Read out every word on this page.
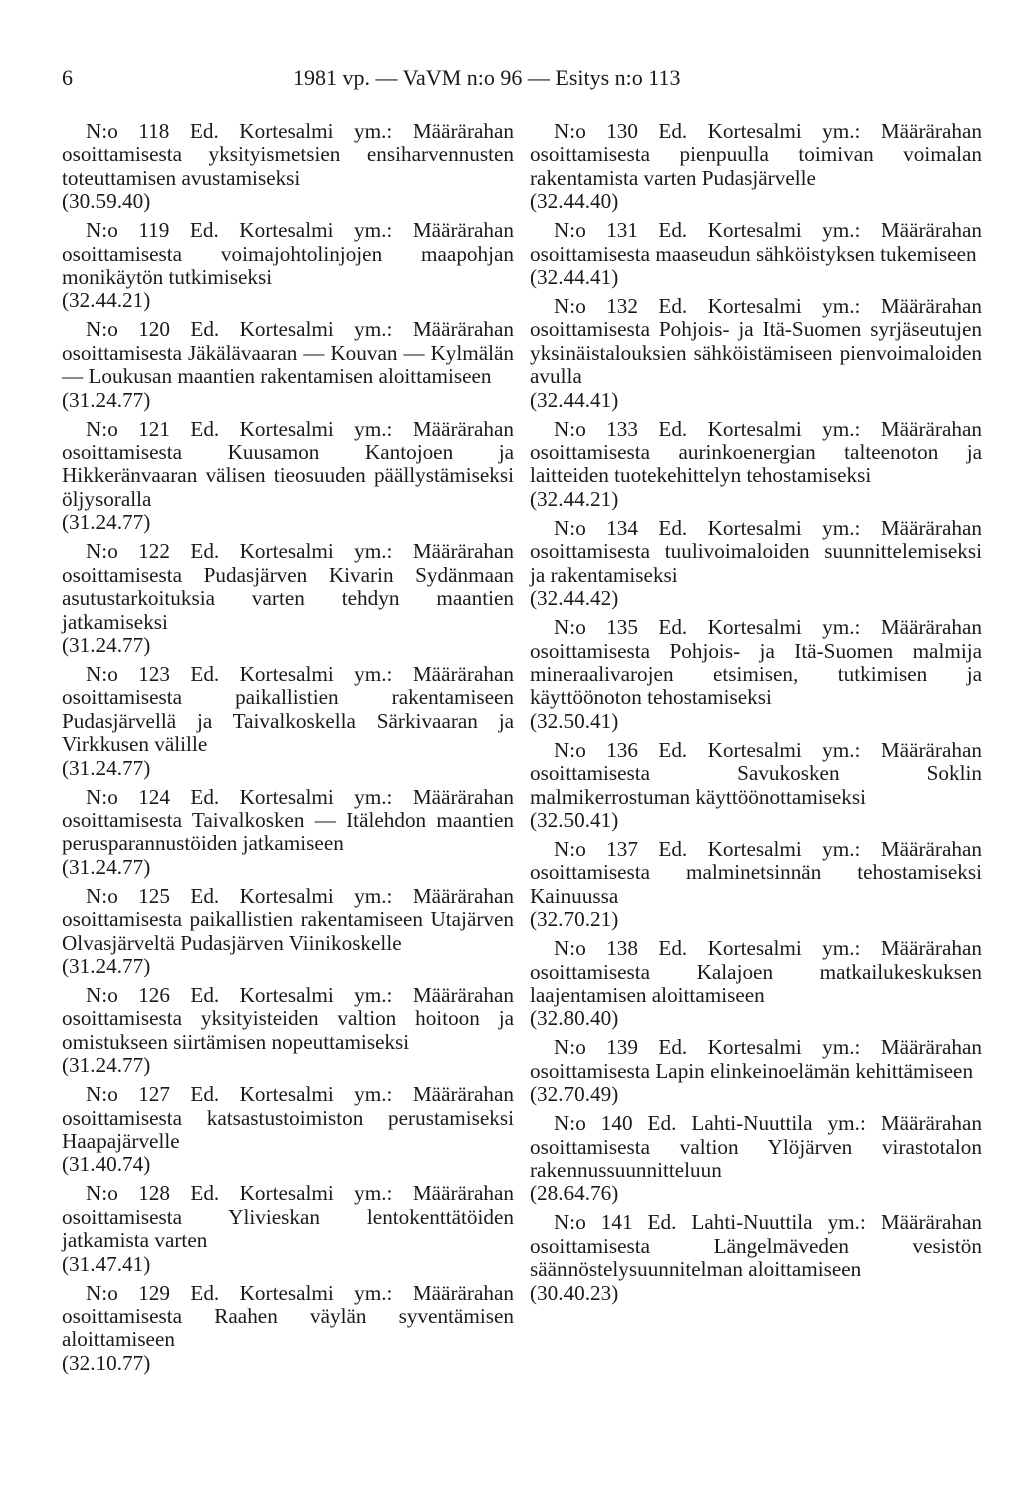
6	1981 vp. — VaVM n:o 96 — Esitys n:o 113
N:o 118 Ed. Kortesalmi ym.: Määrärahan osoittamisesta yksityismetsien ensiharvennusten toteuttamisen avustamiseksi
(30.59.40)
N:o 119 Ed. Kortesalmi ym.: Määrärahan osoittamisesta voimajohtolinjojen maapohjan monikäytön tutkimiseksi
(32.44.21)
N:o 120 Ed. Kortesalmi ym.: Määrärahan osoittamisesta Jäkälävaaran — Kouvan — Kylmälän — Loukusan maantien rakentamisen aloittamiseen
(31.24.77)
N:o 121 Ed. Kortesalmi ym.: Määrärahan osoittamisesta Kuusamon Kantojoen ja Hikkeränvaaran välisen tieosuuden päällystämiseksi öljysoralla
(31.24.77)
N:o 122 Ed. Kortesalmi ym.: Määrärahan osoittamisesta Pudasjärven Kivarin Sydänmaan asutustarkoituksia varten tehdyn maantien jatkamiseksi
(31.24.77)
N:o 123 Ed. Kortesalmi ym.: Määrärahan osoittamisesta paikallistien rakentamiseen Pudasjärvellä ja Taivalkoskella Särkivaaran ja Virkkusen välille
(31.24.77)
N:o 124 Ed. Kortesalmi ym.: Määrärahan osoittamisesta Taivalkosken — Itälehdon maantien perusparannustöiden jatkamiseen
(31.24.77)
N:o 125 Ed. Kortesalmi ym.: Määrärahan osoittamisesta paikallistien rakentamiseen Utajärven Olvasjärveltä Pudasjärven Viinikoskelle
(31.24.77)
N:o 126 Ed. Kortesalmi ym.: Määrärahan osoittamisesta yksityisteiden valtion hoitoon ja omistukseen siirtämisen nopeuttamiseksi
(31.24.77)
N:o 127 Ed. Kortesalmi ym.: Määrärahan osoittamisesta katsastustoimiston perustamiseksi Haapajärvelle
(31.40.74)
N:o 128 Ed. Kortesalmi ym.: Määrärahan osoittamisesta Ylivieskan lentokenttätöiden jatkamista varten
(31.47.41)
N:o 129 Ed. Kortesalmi ym.: Määrärahan osoittamisesta Raahen väylän syventämisen aloittamiseen
(32.10.77)
N:o 130 Ed. Kortesalmi ym.: Määrärahan osoittamisesta pienpuulla toimivan voimalan rakentamista varten Pudasjärvelle
(32.44.40)
N:o 131 Ed. Kortesalmi ym.: Määrärahan osoittamisesta maaseudun sähköistyksen tukemiseen
(32.44.41)
N:o 132 Ed. Kortesalmi ym.: Määrärahan osoittamisesta Pohjois- ja Itä-Suomen syrjäseutujen yksinäistalouksien sähköistämiseen pienvoimaloiden avulla
(32.44.41)
N:o 133 Ed. Kortesalmi ym.: Määrärahan osoittamisesta aurinkoenergian talteenoton ja laitteiden tuotekehittelyn tehostamiseksi
(32.44.21)
N:o 134 Ed. Kortesalmi ym.: Määrärahan osoittamisesta tuulivoimaloiden suunnittelemiseksi ja rakentamiseksi
(32.44.42)
N:o 135 Ed. Kortesalmi ym.: Määrärahan osoittamisesta Pohjois- ja Itä-Suomen malmija mineraalivarojen etsimisen, tutkimisen ja käyttöönoton tehostamiseksi
(32.50.41)
N:o 136 Ed. Kortesalmi ym.: Määrärahan osoittamisesta Savukosken Soklin malmikerrostuman käyttöönottamiseksi
(32.50.41)
N:o 137 Ed. Kortesalmi ym.: Määrärahan osoittamisesta malminetsinnän tehostamiseksi Kainuussa
(32.70.21)
N:o 138 Ed. Kortesalmi ym.: Määrärahan osoittamisesta Kalajoen matkailukeskuksen laajentamisen aloittamiseen
(32.80.40)
N:o 139 Ed. Kortesalmi ym.: Määrärahan osoittamisesta Lapin elinkeinoelämän kehittämiseen
(32.70.49)
N:o 140 Ed. Lahti-Nuuttila ym.: Määrärahan osoittamisesta valtion Ylöjärven virastotalon rakennussuunnitteluun
(28.64.76)
N:o 141 Ed. Lahti-Nuuttila ym.: Määrärahan osoittamisesta Längelmäveden vesistön säännöstelysuunnitelman aloittamiseen
(30.40.23)
